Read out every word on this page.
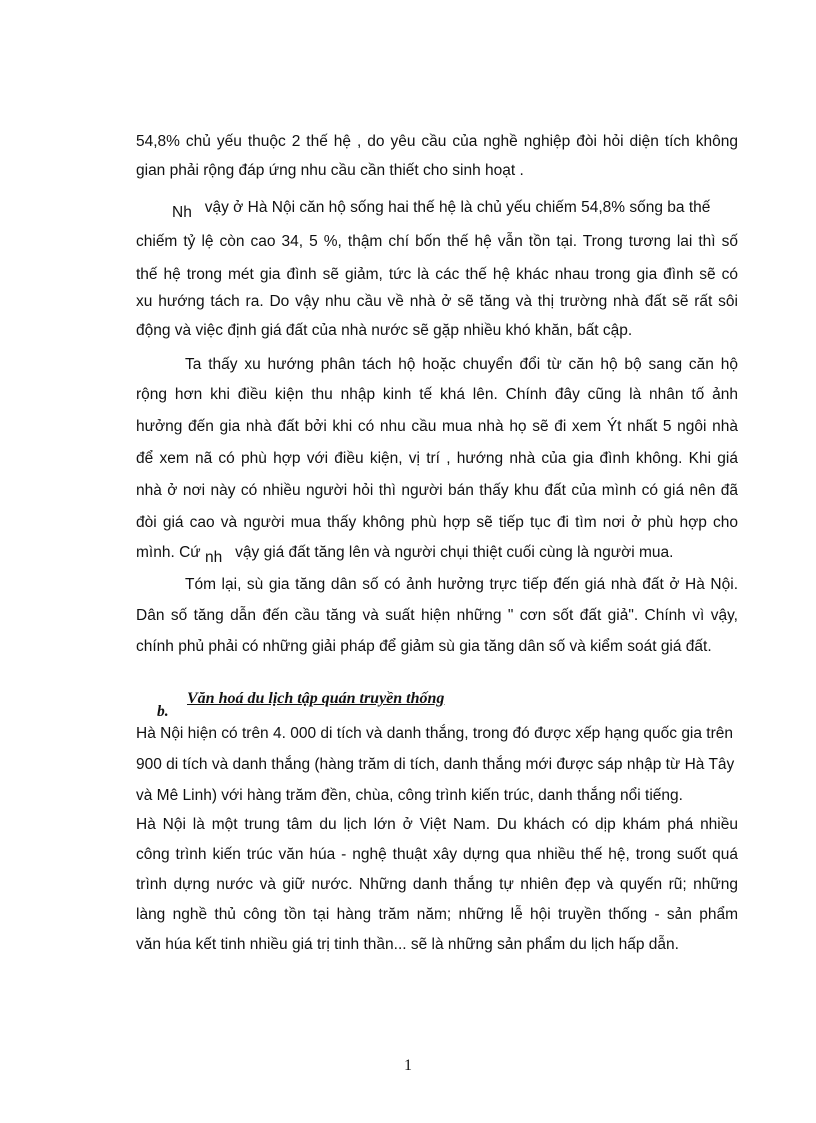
54,8% chủ yếu thuộc 2 thế hệ , do yêu cầu của nghề nghiệp đòi hỏi diện tích không
gian phải rộng đáp ứng nhu cầu cần thiết cho sinh hoạt .
Nh vậy ở Hà Nội căn hộ sống hai thế hệ là chủ yếu chiếm 54,8% sống ba thế
chiếm tỷ lệ còn cao 34, 5 %, thậm chí bốn thế hệ vẫn tồn tại. Trong tương lai thì số
thế hệ trong mét gia đình sẽ giảm, tức là các thế hệ khác nhau trong gia đình sẽ có
xu hướng tách ra. Do vậy nhu cầu về nhà ở sẽ tăng và thị trường nhà đất sẽ rất sôi
động và việc định giá đất của nhà nước sẽ gặp nhiều khó khăn, bất cập.
Ta thấy xu hướng phân tách hộ hoặc chuyển đổi từ căn hộ bộ sang căn hộ
rộng hơn khi điều kiện thu nhập kinh tế khá lên. Chính đây cũng là nhân tố ảnh
hưởng đến gia nhà đất bởi khi có nhu cầu mua nhà họ sẽ đi xem Ýt nhất 5 ngôi nhà
để xem nã có phù hợp với điều kiện, vị trí , hướng nhà của gia đình không. Khi giá
nhà ở nơi này có nhiều người hỏi thì người bán thấy khu đất của mình có giá nên đã
đòi giá cao và người mua thấy không phù hợp sẽ tiếp tục đi tìm nơi ở phù hợp cho
mình. Cứ nh vậy giá đất tăng lên và người chụi thiệt cuối cùng là người mua.
Tóm lại, sù gia tăng dân số có ảnh hưởng trực tiếp đến giá nhà đất ở Hà Nội.
Dân số tăng dẫn đến cầu tăng và suất hiện những " cơn sốt đất giả". Chính vì vậy,
chính phủ phải có những giải pháp để giảm sù gia tăng dân số và kiểm soát giá đất.
b.
Văn hoá du lịch tập quán truyền thống
Hà Nội hiện có trên 4. 000 di tích và danh thắng, trong đó được xếp hạng quốc gia trên
900 di tích và danh thắng (hàng trăm di tích, danh thắng mới được sáp nhập từ Hà Tây
và Mê Linh) với hàng trăm đền, chùa, công trình kiến trúc, danh thắng nổi tiếng.
Hà Nội là một trung tâm du lịch lớn ở Việt Nam. Du khách có dịp khám phá nhiều
công trình kiến trúc văn húa - nghệ thuật xây dựng qua nhiều thế hệ, trong suốt quá
trình dựng nước và giữ nước. Những danh thắng tự nhiên đẹp và quyến rũ; những
làng nghề thủ công tồn tại hàng trăm năm; những lễ hội truyền thống - sản phẩm
văn húa kết tinh nhiều giá trị tinh thần... sẽ là những sản phẩm du lịch hấp dẫn.
1
